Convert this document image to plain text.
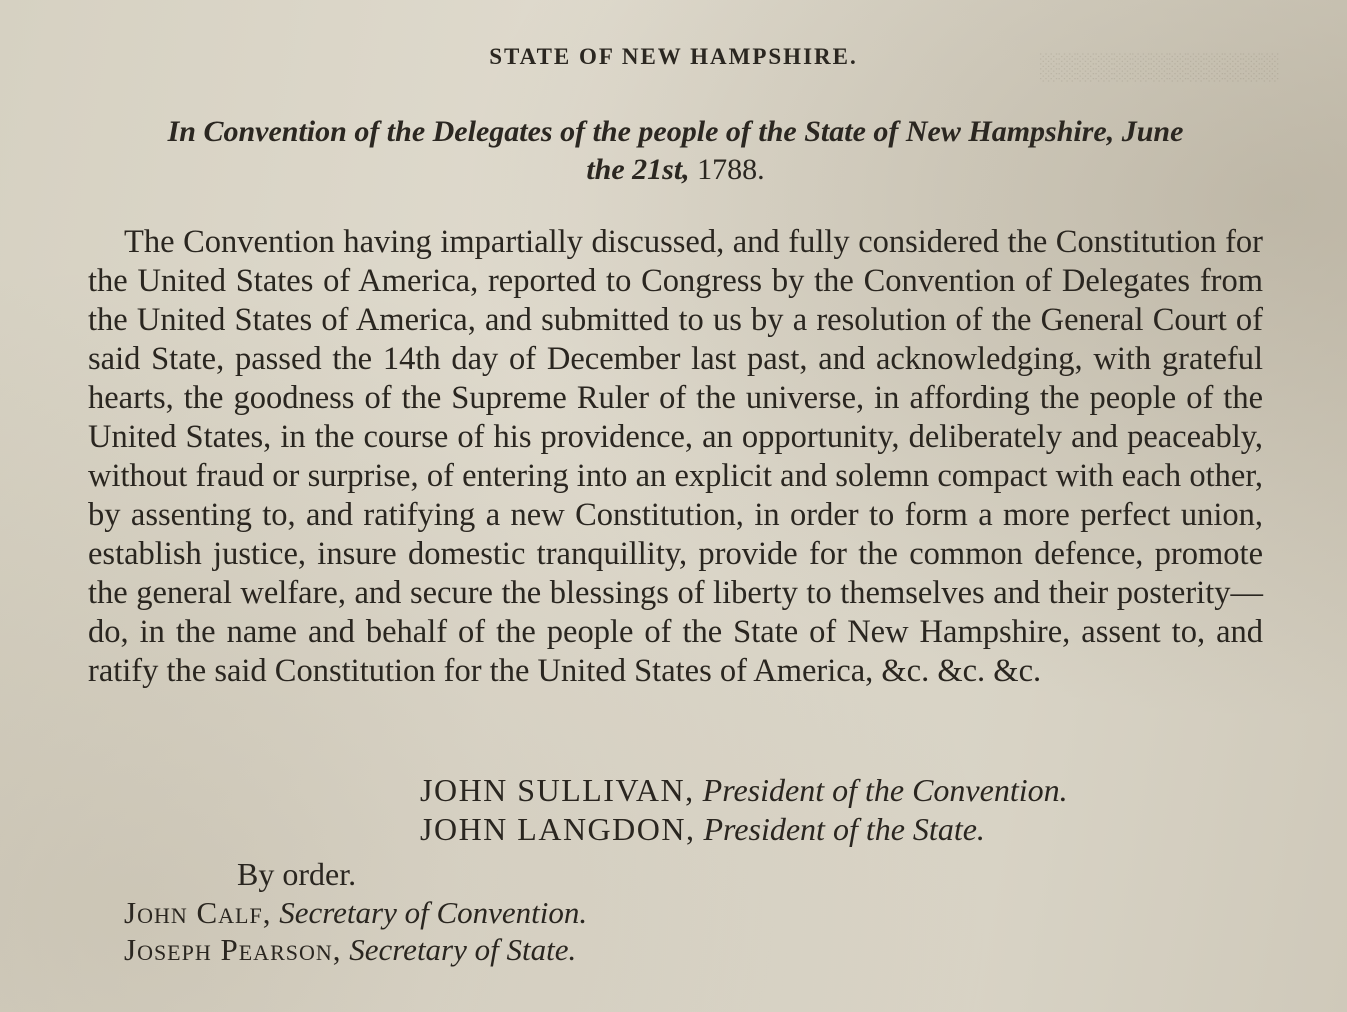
░░░░░░░░░░░░░
STATE OF NEW HAMPSHIRE.
In Convention of the Delegates of the people of the State of New Hampshire, June
the 21st, 1788.
The Convention having impartially discussed, and fully considered the Constitution for the United States of America, reported to Congress by the Convention of Delegates from the United States of America, and submitted to us by a resolution of the General Court of said State, passed the 14th day of December last past, and acknowledging, with grateful hearts, the goodness of the Supreme Ruler of the universe, in affording the people of the United States, in the course of his providence, an opportunity, deliberately and peaceably, without fraud or surprise, of entering into an explicit and solemn compact with each other, by assenting to, and ratifying a new Constitution, in order to form a more perfect union, establish justice, insure domestic tranquillity, provide for the common defence, promote the general welfare, and secure the blessings of liberty to themselves and their posterity—do, in the name and behalf of the people of the State of New Hampshire, assent to, and ratify the said Constitution for the United States of America, &c. &c. &c.
JOHN SULLIVAN, President of the Convention.
JOHN LANGDON, President of the State.
By order.
John Calf, Secretary of Convention.
Joseph Pearson, Secretary of State.
